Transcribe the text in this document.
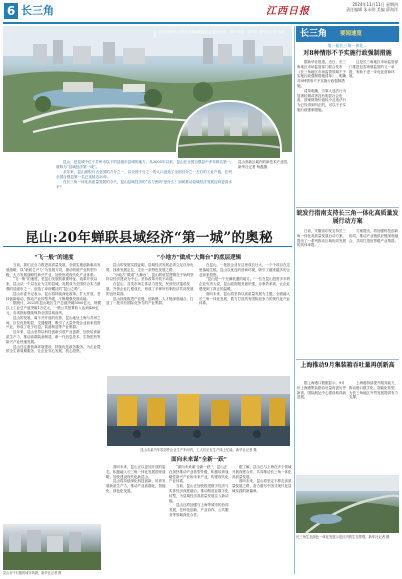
6 长三角	江西日报
2024年11月11日 星期四
责任编辑 朱永明 美编 薛海洋
昆山市张浦镇大市社区新鹿湖城景区的景观步道，图片来源：新华社 新华社记者 杨磊摄
昆山高新区域内的新技术产业园，新华社记者 杨磊摄

昆山，是县城中位于苏州市以下的县级市县城的地方。从2005年以来，昆山在全国百强县中多年排名第一，被称为“县域经济第一城”。

多年来，昆山面积仅占全国的万分之一，以全国千分之一的人口创造了全国百分之一左右的工业产值，位列全国百强县第一名已连续近20年。

在长三角一体化高质量发展的今天，昆山县域经济的“活力密码”是什么？如何推动县域经济发展迈向更高水平？

昆山:20年蝉联县域经济“第一城”的奥秘
“飞一般”的速度

当前，我们正全力推进高质量发展，全面实施创新驱动发展战略，以“新质生产力”为发展方向，推动传统产业转型升级，大力发展战略性新兴产业，加快形成现代化产业体系。

“飞一般”的速度，是昆山发展的重要特征。改革开放以来，昆山从一个以农业为主的县城，发展成为全国综合实力最强的县级市之一，创造了举世瞩目的“昆山之路”。

昆山市委书记表示，昆山将持续深化改革，扩大开放，坚持创新驱动，推动产业转型升级，不断增强发展动能。

据统计，2023年昆山地区生产总值突破5000亿元，规模以上工业总产值突破1万亿元，一般公共预算收入达到430亿元，各项指标继续保持全国县域前列。

昆山的发展，离不开开放的优势。昆山地处上海与苏州之间，区位优势明显，交通便捷，吸引了大量外资企业前来投资兴业，形成了电子信息、装备制造等产业集群。

近年来，昆山坚持以科技创新引领产业创新，加快培育新质生产力，推动高端装备制造、新一代信息技术、生物医药等新兴产业快速发展。

昆山还注重营商环境建设，持续优化政务服务，为企业提供全生命周期服务，让企业安心发展、放心投资。

“小地方”做成“大舞台”的底层逻辑

昆山的发展实践证明，县域经济发展必须立足自身优势，找准发展定位，走出一条特色发展之路。

“小地方”做成“大舞台”，昆山的底层逻辑在于始终坚持以经济建设为中心，坚持改革开放不动摇。

在昆山，各类市场主体活力迸发，民营经济蓬勃发展，外资企业扎根成长，形成了多种所有制经济共同发展的良好局面。

昆山持续推进产业链、创新链、人才链深度融合，打造了一批具有国际竞争力的产业集群。

在昆山，一批批企业在这里成长壮大，一个个项目在这里落地生根。昆山以优良的营商环境，吸引了越来越多的企业前来投资。

“昆山是一个充满机遇的地方。”一位在昆山投资多年的企业负责人说，昆山政府服务意识强，办事效率高，让企业感受到了真正的温暖。

面向未来，昆山将坚持以高质量发展为主题，全面融入长三角一体化发展，着力打造具有国际竞争力的现代化产业体系。

昆山市某汽车零部件企业生产车间内，工人们正在生产线上忙碌。新华社记者 摄
面向未来谋“全新一跃”

面向未来，昆山正以更加开放的姿态，积极融入长三角一体化发展国家战略，加快建设现代化新昆山。

昆山将持续深化科技创新，培育发展新质生产力，推动产业高端化、智能化、绿色化发展。

“面向未来谋‘全新一跃’”，昆山正在加快推动产业转型升级，积极培育战略性新兴产业和未来产业，构建现代化产业体系。

当前，昆山正加快推进数字经济与实体经济深度融合，推动制造业数字化转型，为县域经济高质量发展注入新动能。

昆山还将加强与上海等城市的协同发展，在科技创新、产业协作、公共服务等领域深化合作。

据了解，昆山已与上海在多个领域开展深度合作，共同推动长三角一体化高质量发展。

面向未来，昆山将坚定不移走高质量发展之路，奋力谱写中国式现代化县域实践的新篇章。

昆山市千灯镇的城市风貌，新华社记者 摄
长三角 要闻速览
第一届长三角一体化…
对8种情形不予实施行政强制措施

据新华社报道，近日，长三角地区市场监管部门联合发布《长三角地区市场监管领域不予实施行政强制措施清单》，明确对8种情形不予实施行政强制措施。

清单明确，当事人违法行为显著轻微或者没有明显社会危害，涉案财物价值较小且违法行为已经得到纠正的，可以不予实施行政强制措施。

这是长三角地区市场监管部门推进包容审慎监管的又一举措，有助于进一步优化营商环境。

皖发行指南支持长三角一体化高质量发展行动方案

日前，安徽省印发支持长三角一体化高质量发展行动方案，提出了一系列推动区域协同发展的具体举措。

方案提出，将加强科技创新协同，推动产业链供应链深度融合，共同打造世界级产业集群。

上海推动9月集装箱吞吐量再创新高

据上海港口数据显示，9月份上海港集装箱吞吐量再创历史新高，国际航运中心建设取得新进展。

上海港持续提升服务能力，推动港口数字化、智能化转型，为长三角地区外贸发展提供有力支撑。

长三角生态绿色一体化发展示范区内的生态景观，新华社记者 摄
